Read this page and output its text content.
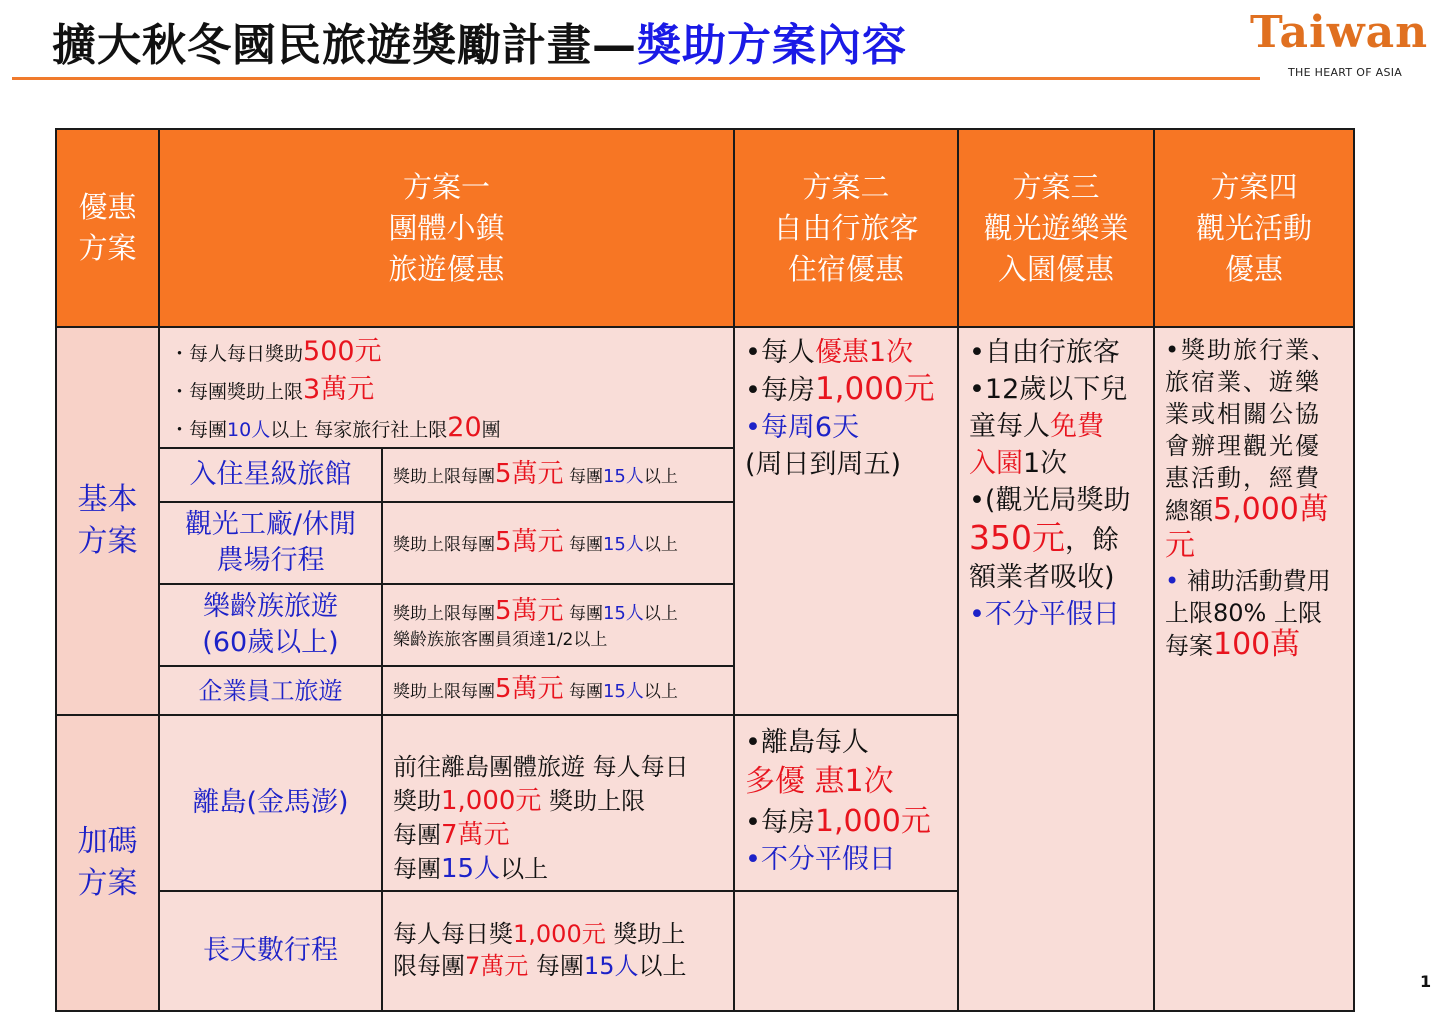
擴大秋冬國民旅遊獎勵計畫—獎助方案內容	Taiwan
THE HEART OF ASIA
優惠
方案
方案一
團體小鎮
旅遊優惠
方案二
自由行旅客
住宿優惠
方案三
觀光遊樂業
入園優惠
方案四
觀光活動
優惠
基本
方案
加碼
方案
・每人每日獎助500元
・每團獎助上限3萬元
・每團10人以上 每家旅行社上限20團
入住星級旅館 獎助上限每團5萬元 每團15人以上
觀光工廠/休閒
農場行程
獎助上限每團5萬元 每團15人以上
樂齡族旅遊
(60歲以上)
獎助上限每團5萬元 每團15人以上
樂齡族旅客團員須達1/2以上
企業員工旅遊	獎助上限每團5萬元 每團15人以上
•每人優惠1次
•每房1,000元
•每周6天
(周日到周五)
•自由行旅客
•12歲以下兒
童每人免費
入園1次
•(觀光局獎助
350元，餘
額業者吸收)
•不分平假日
•獎助旅行業、
旅宿業、遊樂
業或相關公協
會辦理觀光優
惠活動，經費
總額5,000萬
元
• 補助活動費用
上限80% 上限
每案100萬
離島(金馬澎)
前往離島團體旅遊 每人每日
獎助1,000元 獎助上限
每團7萬元
每團15人以上
•離島每人
多優 惠1次
•每房1,000元
•不分平假日
長天數行程
每人每日獎1,000元 獎助上
限每團7萬元 每團15人以上
1
